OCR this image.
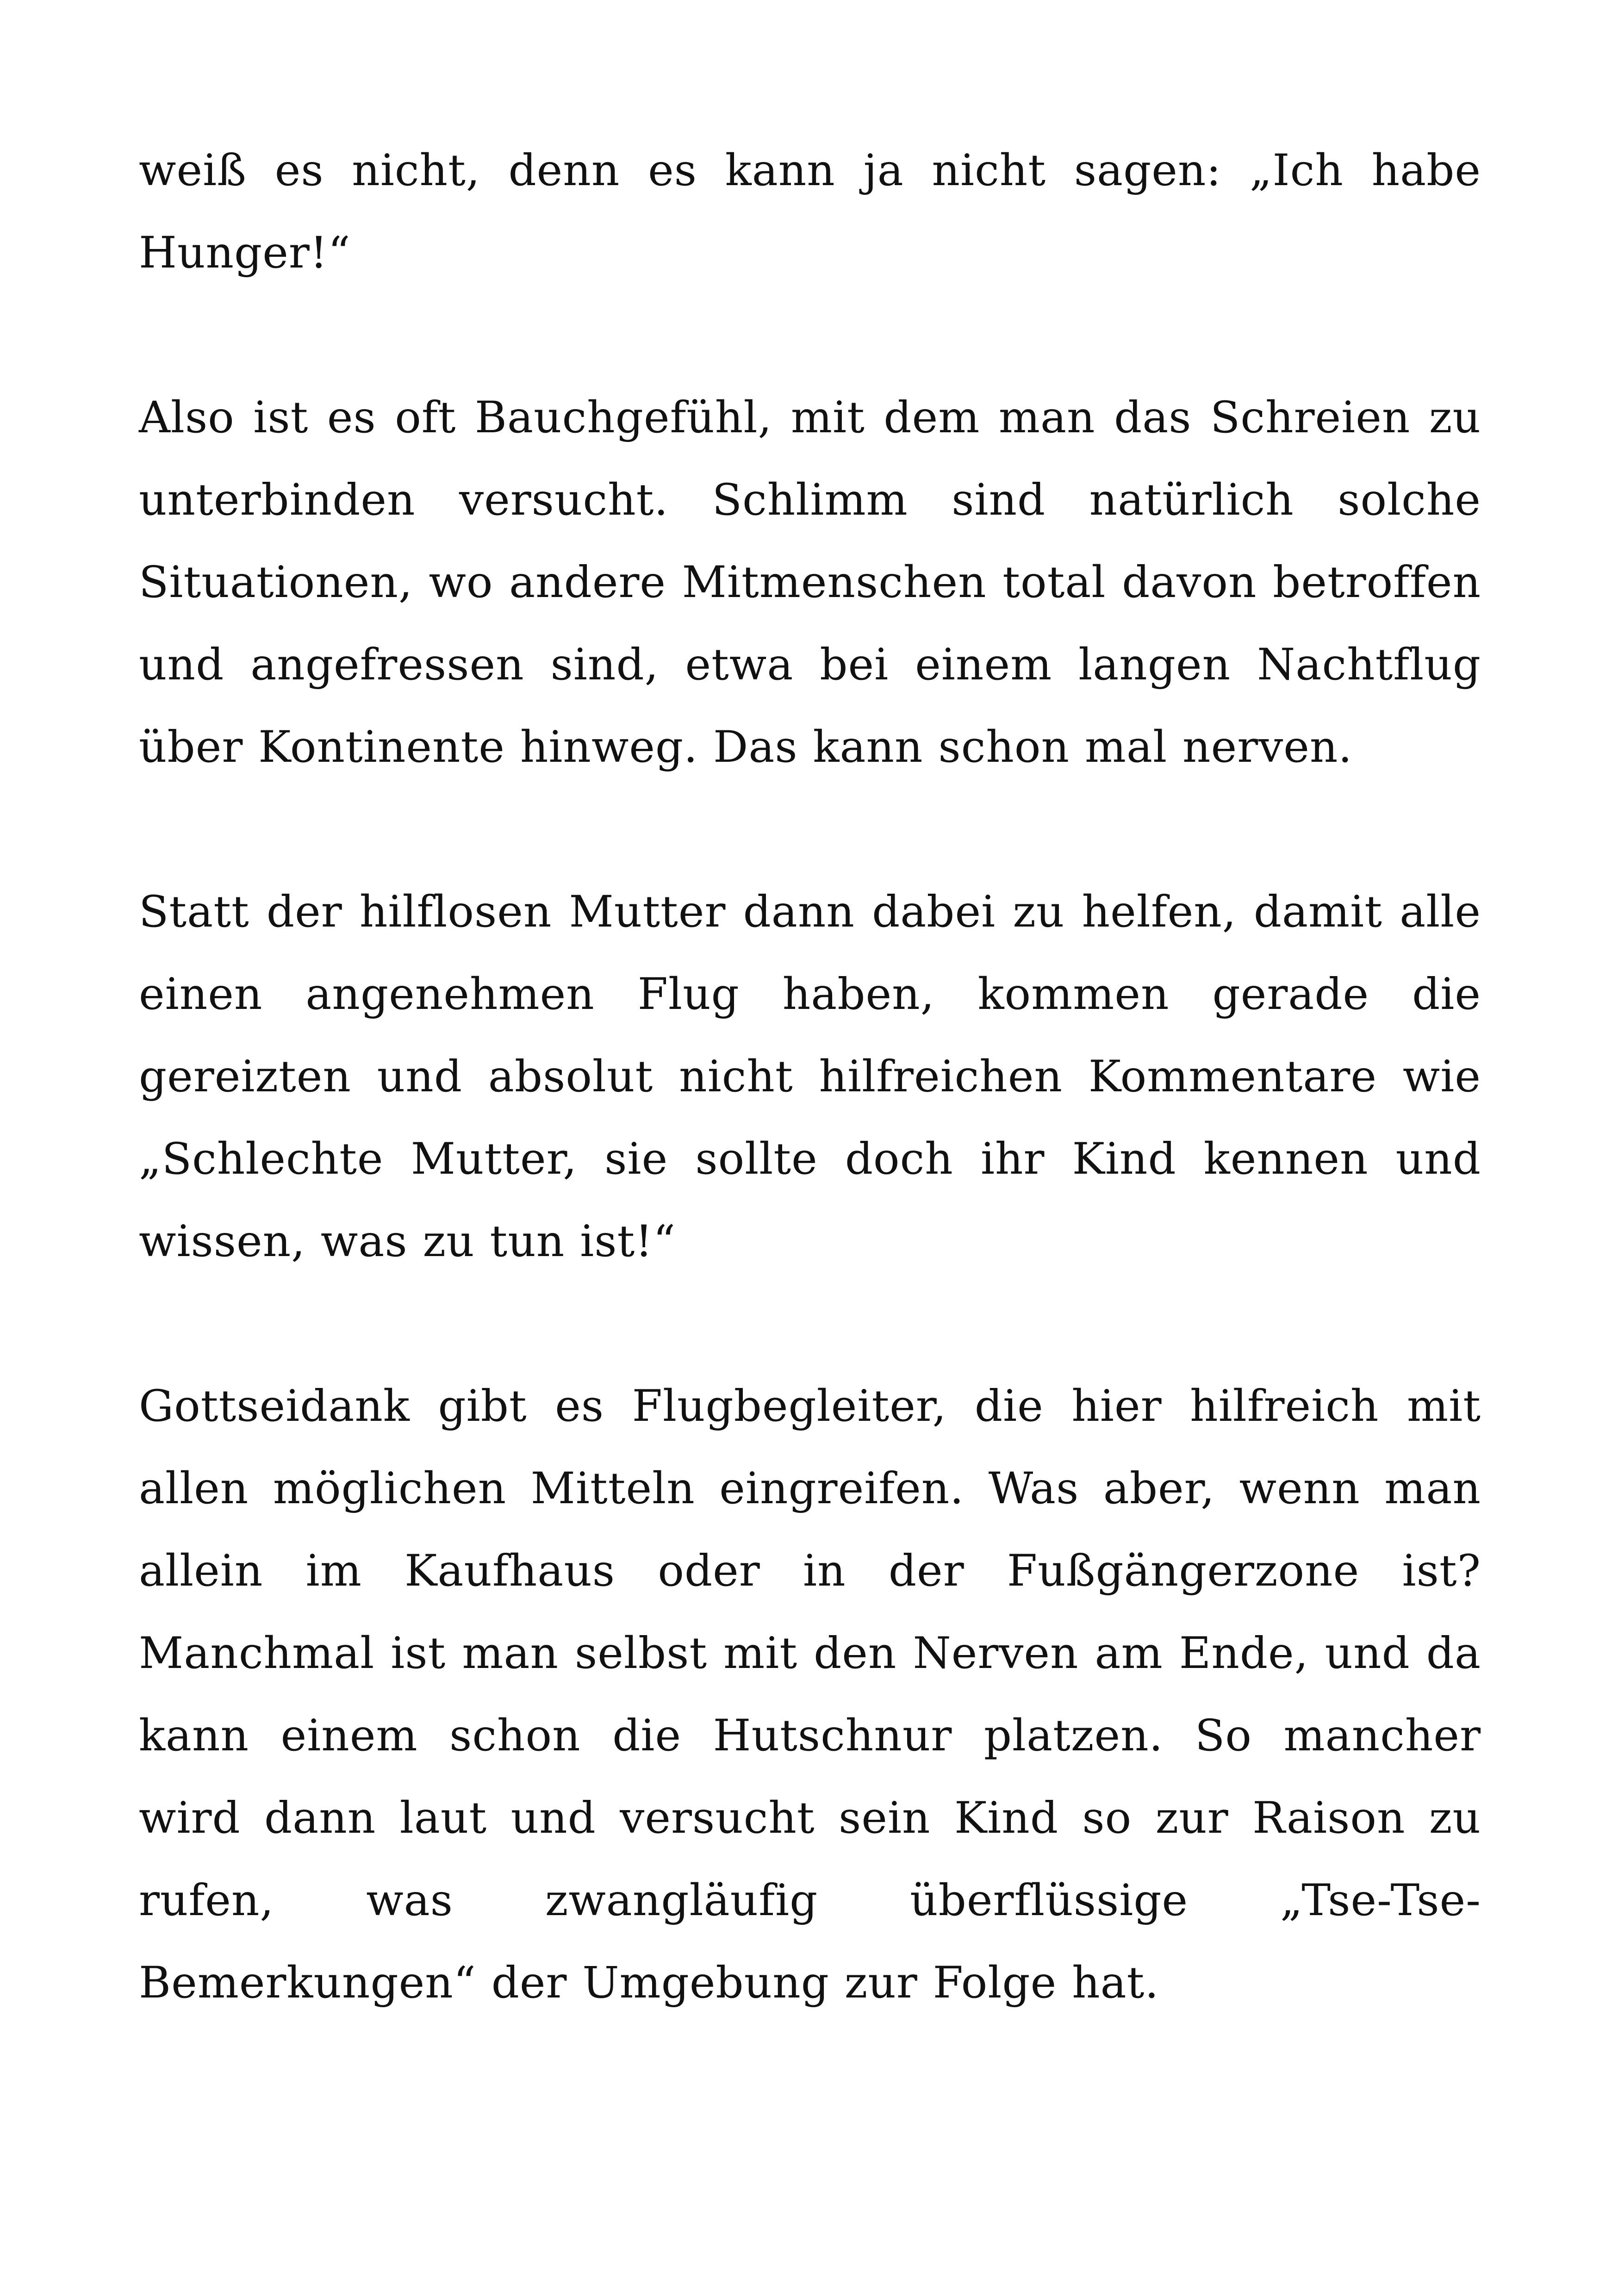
weiß es nicht, denn es kann ja nicht sagen: „Ich habe Hunger!“

Also ist es oft Bauchgefühl, mit dem man das Schreien zu unterbinden versucht. Schlimm sind natürlich solche Situationen, wo andere Mitmenschen total davon betroffen und angefressen sind, etwa bei einem langen Nachtflug über Kontinente hinweg. Das kann schon mal nerven.

Statt der hilflosen Mutter dann dabei zu helfen, damit alle einen angenehmen Flug haben, kommen gerade die gereizten und absolut nicht hilfreichen Kommentare wie „Schlechte Mutter, sie sollte doch ihr Kind kennen und wissen, was zu tun ist!“

Gottseidank gibt es Flugbegleiter, die hier hilfreich mit allen möglichen Mitteln eingreifen. Was aber, wenn man allein im Kaufhaus oder in der Fußgängerzone ist? Manchmal ist man selbst mit den Nerven am Ende, und da kann einem schon die Hutschnur platzen. So mancher wird dann laut und versucht sein Kind so zur Raison zu rufen, was zwangläufig überflüssige „Tse-Tse-Bemerkungen“ der Umgebung zur Folge hat.
